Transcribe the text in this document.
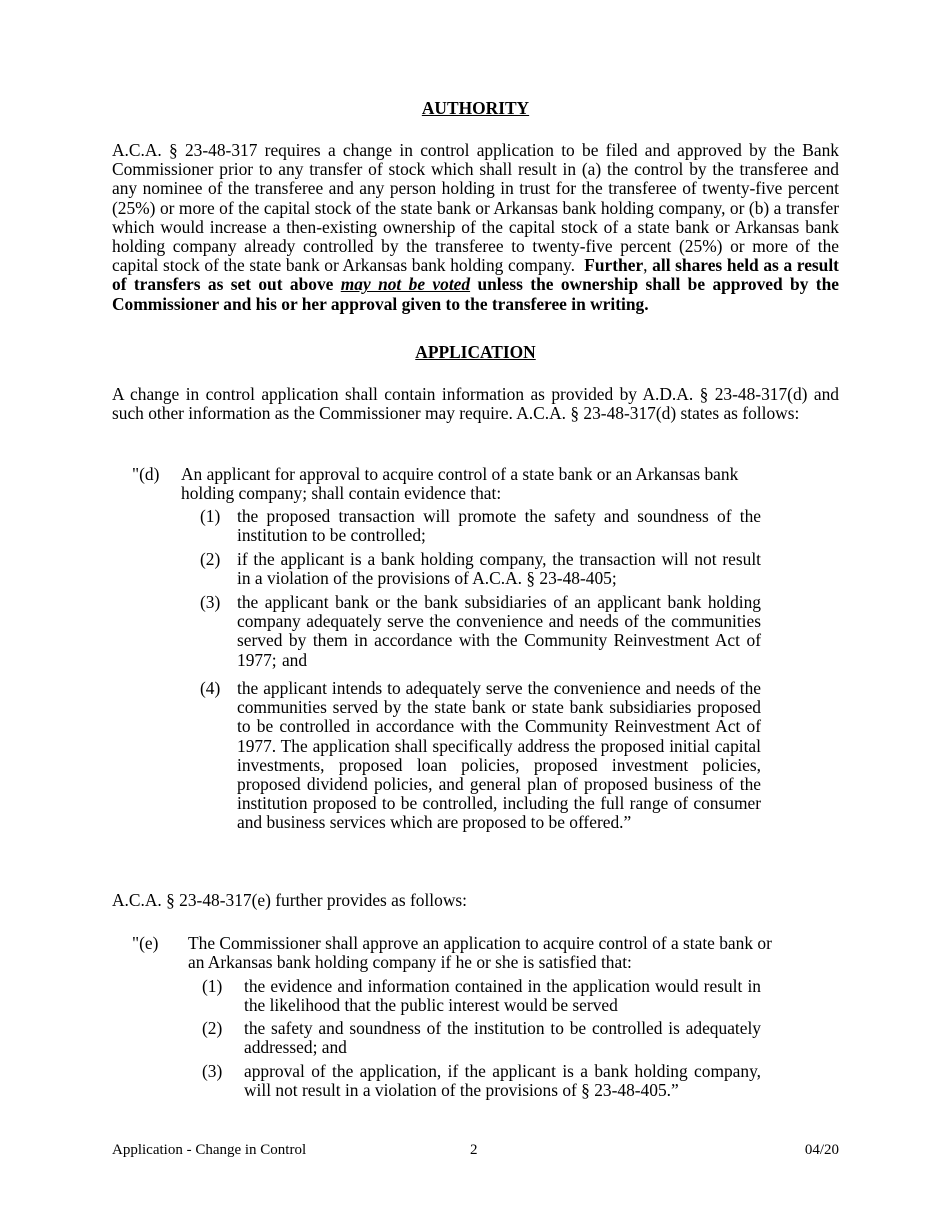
AUTHORITY

A.C.A. § 23-48-317 requires a change in control application to be filed and approved by the Bank Commissioner prior to any transfer of stock which shall result in (a) the control by the transferee and any nominee of the transferee and any person holding in trust for the transferee of twenty-five percent (25%) or more of the capital stock of the state bank or Arkansas bank holding company, or (b) a transfer which would increase a then-existing ownership of the capital stock of a state bank or Arkansas bank holding company already controlled by the transferee to twenty-five percent (25%) or more of the capital stock of the state bank or Arkansas bank holding company. Further, all shares held as a result of transfers as set out above may not be voted unless the ownership shall be approved by the Commissioner and his or her approval given to the transferee in writing.

APPLICATION

A change in control application shall contain information as provided by A.D.A. § 23-48-317(d) and such other information as the Commissioner may require. A.C.A. § 23-48-317(d) states as follows:

"(d) An applicant for approval to acquire control of a state bank or an Arkansas bank
holding company; shall contain evidence that:
(1) the proposed transaction will promote the safety and soundness of the institution to be controlled;

(2) if the applicant is a bank holding company, the transaction will not result in a violation of the provisions of A.C.A. § 23-48-405;

(3) the applicant bank or the bank subsidiaries of an applicant bank holding company adequately serve the convenience and needs of the communities served by them in accordance with the Community Reinvestment Act of 1977; and

(4) the applicant intends to adequately serve the convenience and needs of the communities served by the state bank or state bank subsidiaries proposed to be controlled in accordance with the Community Reinvestment Act of 1977. The application shall specifically address the proposed initial capital investments, proposed loan policies, proposed investment policies, proposed dividend policies, and general plan of proposed business of the institution proposed to be controlled, including the full range of consumer and business services which are proposed to be offered.”

A.C.A. § 23-48-317(e) further provides as follows:

"(e) The Commissioner shall approve an application to acquire control of a state bank or
an Arkansas bank holding company if he or she is satisfied that:
(1) the evidence and information contained in the application would result in the likelihood that the public interest would be served

(2) the safety and soundness of the institution to be controlled is adequately addressed; and

(3) approval of the application, if the applicant is a bank holding company, will not result in a violation of the provisions of § 23-48-405.”

Application - Change in Control	2	04/20
